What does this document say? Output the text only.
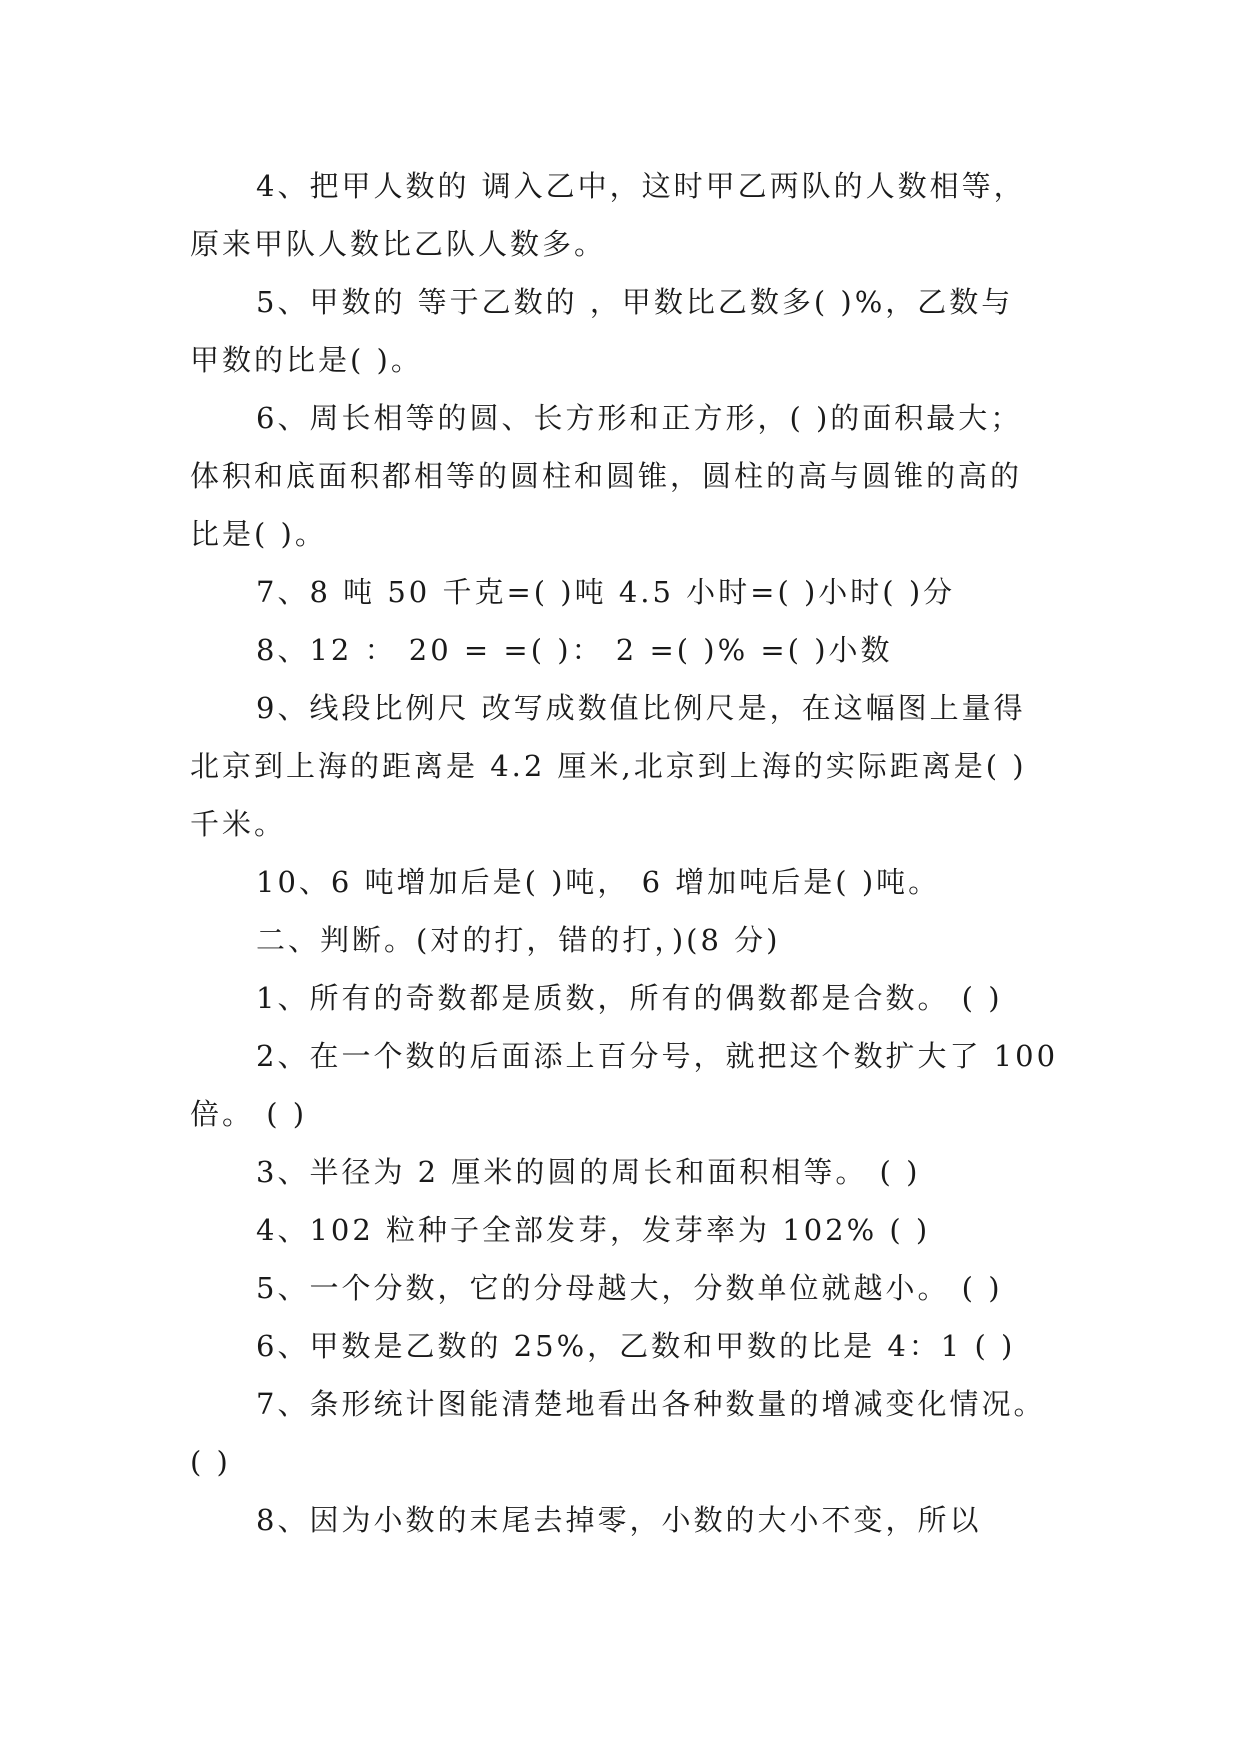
4、把甲人数的 调入乙中，这时甲乙两队的人数相等，
原来甲队人数比乙队人数多。
5、甲数的 等于乙数的 ，甲数比乙数多( )%，乙数与
甲数的比是( )。
6、周长相等的圆、长方形和正方形，( )的面积最大；
体积和底面积都相等的圆柱和圆锥，圆柱的高与圆锥的高的
比是( )。
7、8 吨 50 千克=( )吨 4.5 小时=( )小时( )分
8、12 ： 20 = =( )： 2 =( )% =( )小数
9、线段比例尺 改写成数值比例尺是，在这幅图上量得
北京到上海的距离是 4.2 厘米,北京到上海的实际距离是( )
千米。
10、6 吨增加后是( )吨， 6 增加吨后是( )吨。
二、判断。(对的打，错的打，)(8 分)
1、所有的奇数都是质数，所有的偶数都是合数。 ( )
2、在一个数的后面添上百分号，就把这个数扩大了 100
倍。 ( )
3、半径为 2 厘米的圆的周长和面积相等。 ( )
4、102 粒种子全部发芽，发芽率为 102% ( )
5、一个分数，它的分母越大，分数单位就越小。 ( )
6、甲数是乙数的 25%，乙数和甲数的比是 4：1 ( )
7、条形统计图能清楚地看出各种数量的增减变化情况。
( )
8、因为小数的末尾去掉零，小数的大小不变，所以
